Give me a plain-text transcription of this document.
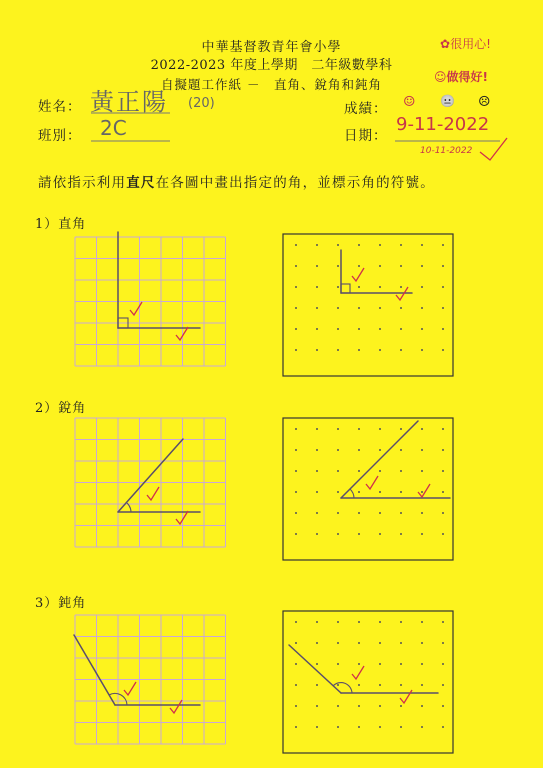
中華基督教青年會小學
2022-2023 年度上學期　二年級數學科
自擬題工作紙 －　直角、銳角和鈍角
✿很用心!
☺做得好!
姓名： 黃正陽 (20)	成績： ☺ 😐 ☹
班別： 2C	日期：
9-11-2022
10-11-2022
請依指示利用直尺在各圖中畫出指定的角，並標示角的符號。
1）直角
2）銳角
3）鈍角
